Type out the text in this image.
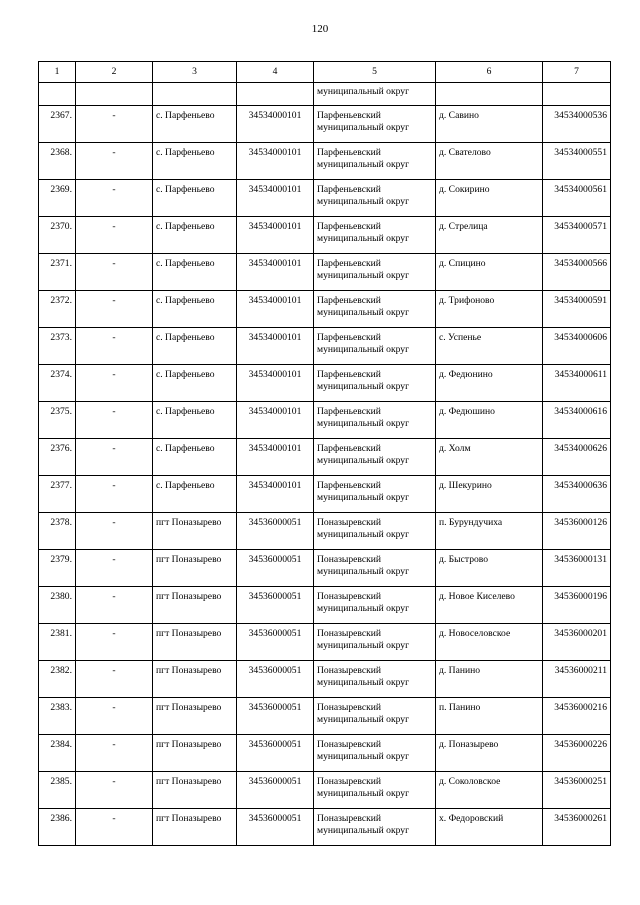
120
1	2	3	4	5	6	7

				муниципальный округ		

2367.	-	с. Парфеньево	34534000101	Парфеньевский
муниципальный округ	д. Савино	34534000536

2368.	-	с. Парфеньево	34534000101	Парфеньевский
муниципальный округ	д. Свателово	34534000551

2369.	-	с. Парфеньево	34534000101	Парфеньевский
муниципальный округ	д. Сокирино	34534000561

2370.	-	с. Парфеньево	34534000101	Парфеньевский
муниципальный округ	д. Стрелица	34534000571

2371.	-	с. Парфеньево	34534000101	Парфеньевский
муниципальный округ	д. Спицино	34534000566

2372.	-	с. Парфеньево	34534000101	Парфеньевский
муниципальный округ	д. Трифоново	34534000591

2373.	-	с. Парфеньево	34534000101	Парфеньевский
муниципальный округ	с. Успенье	34534000606

2374.	-	с. Парфеньево	34534000101	Парфеньевский
муниципальный округ	д. Федюнино	34534000611

2375.	-	с. Парфеньево	34534000101	Парфеньевский
муниципальный округ	д. Федюшино	34534000616

2376.	-	с. Парфеньево	34534000101	Парфеньевский
муниципальный округ	д. Холм	34534000626

2377.	-	с. Парфеньево	34534000101	Парфеньевский
муниципальный округ	д. Шекурино	34534000636

2378.	-	пгт Поназырево	34536000051	Поназыревский
муниципальный округ	п. Бурундучиха	34536000126

2379.	-	пгт Поназырево	34536000051	Поназыревский
муниципальный округ	д. Быстрово	34536000131

2380.	-	пгт Поназырево	34536000051	Поназыревский
муниципальный округ	д. Новое Киселево	34536000196

2381.	-	пгт Поназырево	34536000051	Поназыревский
муниципальный округ	д. Новоселовское	34536000201

2382.	-	пгт Поназырево	34536000051	Поназыревский
муниципальный округ	д. Панино	34536000211

2383.	-	пгт Поназырево	34536000051	Поназыревский
муниципальный округ	п. Панино	34536000216

2384.	-	пгт Поназырево	34536000051	Поназыревский
муниципальный округ	д. Поназырево	34536000226

2385.	-	пгт Поназырево	34536000051	Поназыревский
муниципальный округ	д. Соколовское	34536000251

2386.	-	пгт Поназырево	34536000051	Поназыревский
муниципальный округ	х. Федоровский	34536000261
